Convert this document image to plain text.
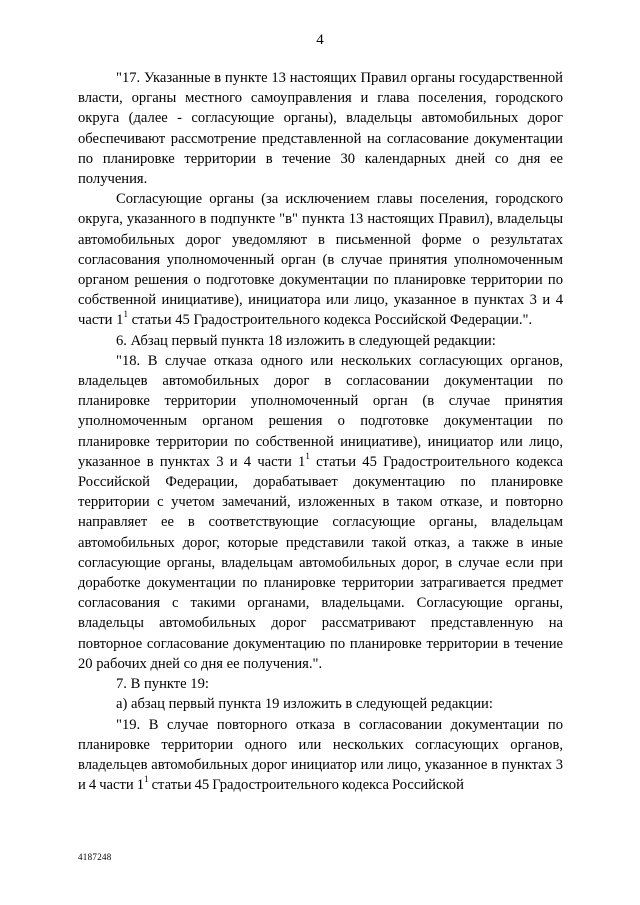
4

"17. Указанные в пункте 13 настоящих Правил органы государственной власти, органы местного самоуправления и глава поселения, городского округа (далее - согласующие органы), владельцы автомобильных дорог обеспечивают рассмотрение представленной на согласование документации по планировке территории в течение 30 календарных дней со дня ее получения.

Согласующие органы (за исключением главы поселения, городского округа, указанного в подпункте "в" пункта 13 настоящих Правил), владельцы автомобильных дорог уведомляют в письменной форме о результатах согласования уполномоченный орган (в случае принятия уполномоченным органом решения о подготовке документации по планировке территории по собственной инициативе), инициатора или лицо, указанное в пунктах 3 и 4 части $1^1$ статьи 45 Градостроительного кодекса Российской Федерации.".

6. Абзац первый пункта 18 изложить в следующей редакции:

"18. В случае отказа одного или нескольких согласующих органов, владельцев автомобильных дорог в согласовании документации по планировке территории уполномоченный орган (в случае принятия уполномоченным органом решения о подготовке документации по планировке территории по собственной инициативе), инициатор или лицо, указанное в пунктах 3 и 4 части $1^1$ статьи 45 Градостроительного кодекса Российской Федерации, дорабатывает документацию по планировке территории с учетом замечаний, изложенных в таком отказе, и повторно направляет ее в соответствующие согласующие органы, владельцам автомобильных дорог, которые представили такой отказ, а также в иные согласующие органы, владельцам автомобильных дорог, в случае если при доработке документации по планировке территории затрагивается предмет согласования с такими органами, владельцами. Согласующие органы, владельцы автомобильных дорог рассматривают представленную на повторное согласование документацию по планировке территории в течение 20 рабочих дней со дня ее получения.".

7. В пункте 19:

а) абзац первый пункта 19 изложить в следующей редакции:

"19. В случае повторного отказа в согласовании документации по планировке территории одного или нескольких согласующих органов, владельцев автомобильных дорог инициатор или лицо, указанное в пунктах 3 и 4 части $1^1$ статьи 45 Градостроительного кодекса Российской

4187248
